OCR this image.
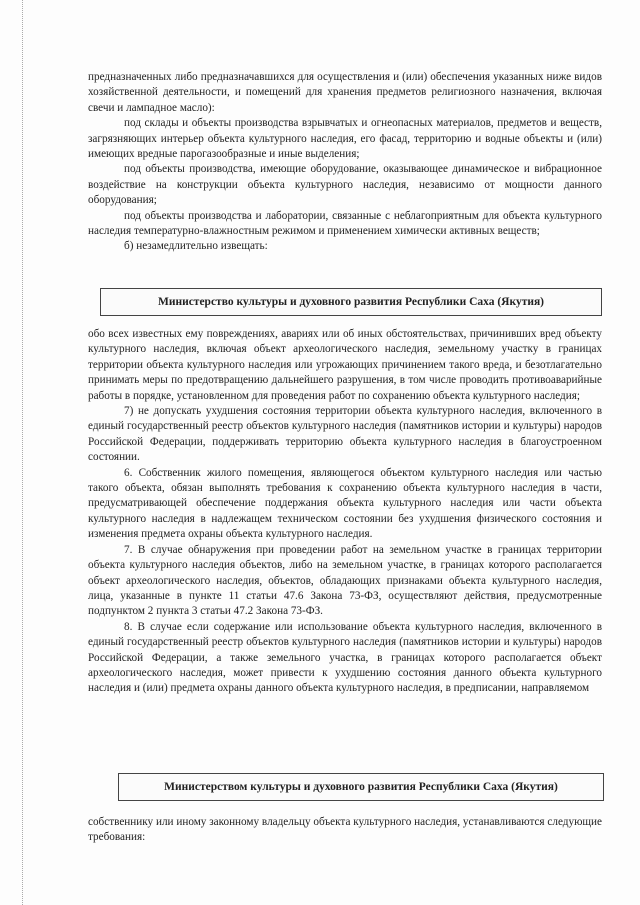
предназначенных либо предназначавшихся для осуществления и (или) обеспечения указанных ниже видов хозяйственной деятельности, и помещений для хранения предметов религиозного назначения, включая свечи и лампадное масло):

под склады и объекты производства взрывчатых и огнеопасных материалов, предметов и веществ, загрязняющих интерьер объекта культурного наследия, его фасад, территорию и водные объекты и (или) имеющих вредные парогазообразные и иные выделения;

под объекты производства, имеющие оборудование, оказывающее динамическое и вибрационное воздействие на конструкции объекта культурного наследия, независимо от мощности данного оборудования;

под объекты производства и лаборатории, связанные с неблагоприятным для объекта культурного наследия температурно-влажностным режимом и применением химически активных веществ;

б) незамедлительно извещать:

Министерство культуры и духовного развития Республики Саха (Якутия)

обо всех известных ему повреждениях, авариях или об иных обстоятельствах, причинивших вред объекту культурного наследия, включая объект археологического наследия, земельному участку в границах территории объекта культурного наследия или угрожающих причинением такого вреда, и безотлагательно принимать меры по предотвращению дальнейшего разрушения, в том числе проводить противоаварийные работы в порядке, установленном для проведения работ по сохранению объекта культурного наследия;

7) не допускать ухудшения состояния территории объекта культурного наследия, включенного в единый государственный реестр объектов культурного наследия (памятников истории и культуры) народов Российской Федерации, поддерживать территорию объекта культурного наследия в благоустроенном состоянии.

6. Собственник жилого помещения, являющегося объектом культурного наследия или частью такого объекта, обязан выполнять требования к сохранению объекта культурного наследия в части, предусматривающей обеспечение поддержания объекта культурного наследия или части объекта культурного наследия в надлежащем техническом состоянии без ухудшения физического состояния и изменения предмета охраны объекта культурного наследия.

7. В случае обнаружения при проведении работ на земельном участке в границах территории объекта культурного наследия объектов, либо на земельном участке, в границах которого располагается объект археологического наследия, объектов, обладающих признаками объекта культурного наследия, лица, указанные в пункте 11 статьи 47.6 Закона 73-ФЗ, осуществляют действия, предусмотренные подпунктом 2 пункта 3 статьи 47.2 Закона 73-ФЗ.

8. В случае если содержание или использование объекта культурного наследия, включенного в единый государственный реестр объектов культурного наследия (памятников истории и культуры) народов Российской Федерации, а также земельного участка, в границах которого располагается объект археологического наследия, может привести к ухудшению состояния данного объекта культурного наследия и (или) предмета охраны данного объекта культурного наследия, в предписании, направляемом

Министерством культуры и духовного развития Республики Саха (Якутия)

собственнику или иному законному владельцу объекта культурного наследия, устанавливаются следующие требования:
